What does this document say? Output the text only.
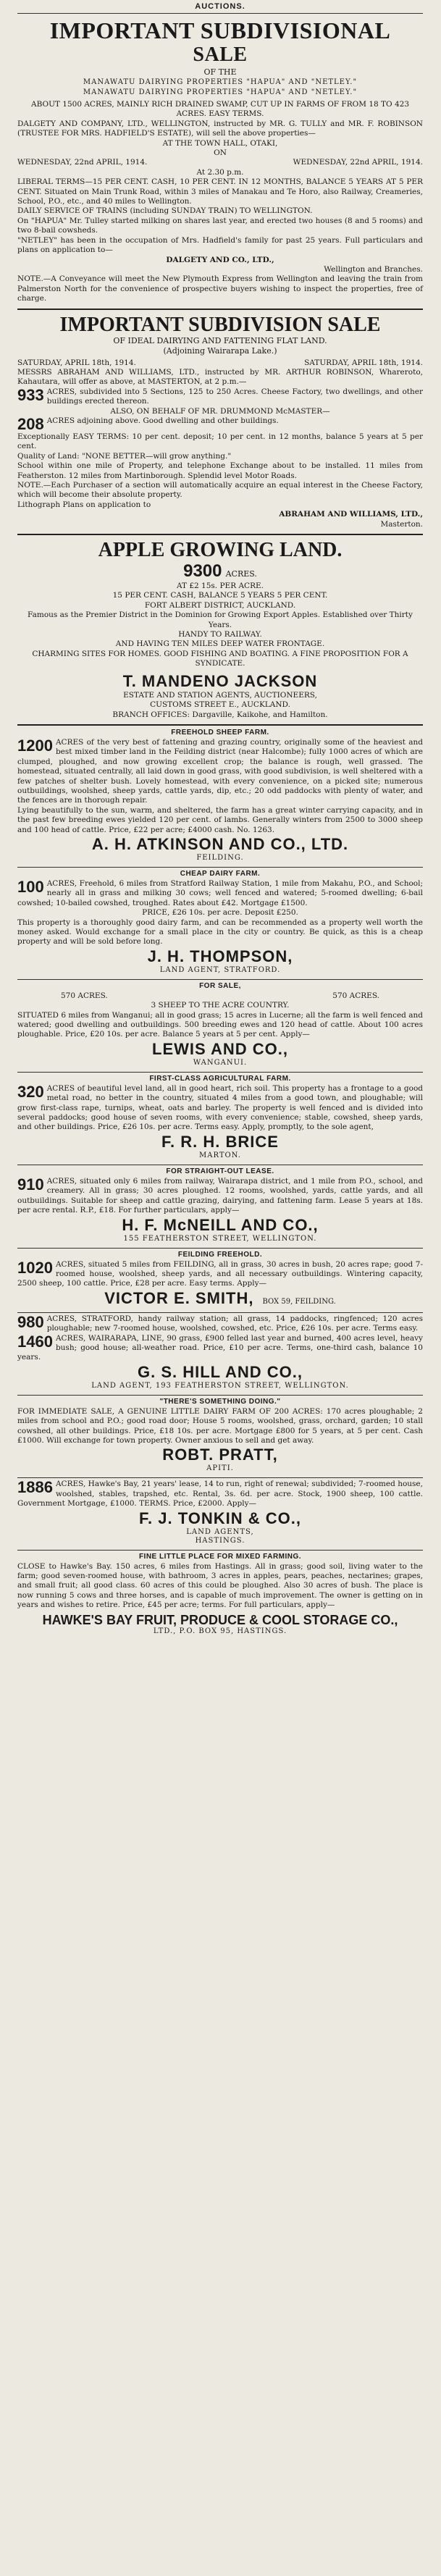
AUCTIONS.
IMPORTANT SUBDIVISIONAL
SALE
OF THE
MANAWATU DAIRYING PROPERTIES "HAPUA" AND "NETLEY."
MANAWATU DAIRYING PROPERTIES "HAPUA" AND "NETLEY."

ABOUT 1500 ACRES, MAINLY RICH DRAINED SWAMP, CUT UP IN FARMS OF FROM 18 TO 423 ACRES. EASY TERMS.

DALGETY AND COMPANY, LTD., WELLINGTON, instructed by MR. G. TULLY and MR. F. ROBINSON (TRUSTEE FOR MRS. HADFIELD'S ESTATE), will sell the above properties—

AT THE TOWN HALL, OTAKI,

ON

WEDNESDAY, 22nd APRIL, 1914.	WEDNESDAY, 22nd APRIL, 1914.

At 2.30 p.m.

LIBERAL TERMS—15 PER CENT. CASH, 10 PER CENT. IN 12 MONTHS, BALANCE 5 YEARS AT 5 PER CENT. Situated on Main Trunk Road, within 3 miles of Manakau and Te Horo, also Railway, Creameries, School, P.O., etc., and 40 miles to Wellington.

DAILY SERVICE OF TRAINS (including SUNDAY TRAIN) TO WELLINGTON.

On "HAPUA" Mr. Tulley started milking on shares last year, and erected two houses (8 and 5 rooms) and two 8-bail cowsheds.

"NETLEY" has been in the occupation of Mrs. Hadfield's family for past 25 years. Full particulars and plans on application to—

DALGETY AND CO., LTD.,

Wellington and Branches.

NOTE.—A Conveyance will meet the New Plymouth Express from Wellington and leaving the train from Palmerston North for the convenience of prospective buyers wishing to inspect the properties, free of charge.

IMPORTANT SUBDIVISION SALE
OF IDEAL DAIRYING AND FATTENING FLAT LAND.
(Adjoining Wairarapa Lake.)
SATURDAY, APRIL 18th, 1914.	SATURDAY, APRIL 18th, 1914.

MESSRS ABRAHAM AND WILLIAMS, LTD., instructed by MR. ARTHUR ROBINSON, Whareroto, Kahautara, will offer as above, at MASTERTON, at 2 p.m.—

933 ACRES, subdivided into 5 Sections, 125 to 250 Acres. Cheese Factory, two dwellings, and other buildings erected thereon.

ALSO, ON BEHALF OF MR. DRUMMOND McMASTER—

208 ACRES adjoining above. Good dwelling and other buildings.

Exceptionally EASY TERMS: 10 per cent. deposit; 10 per cent. in 12 months, balance 5 years at 5 per cent.

Quality of Land: "NONE BETTER—will grow anything."

School within one mile of Property, and telephone Exchange about to be installed. 11 miles from Featherston. 12 miles from Martinborough. Splendid level Motor Roads.

NOTE.—Each Purchaser of a section will automatically acquire an equal interest in the Cheese Factory, which will become their absolute property.

Lithograph Plans on application to

ABRAHAM AND WILLIAMS, LTD.,

Masterton.

APPLE GROWING LAND.
9300 ACRES.

AT £2 15s. PER ACRE.

15 PER CENT. CASH, BALANCE 5 YEARS 5 PER CENT.

FORT ALBERT DISTRICT, AUCKLAND.

Famous as the Premier District in the Dominion for Growing Export Apples. Established over Thirty Years.

HANDY TO RAILWAY.

AND HAVING TEN MILES DEEP WATER FRONTAGE.

CHARMING SITES FOR HOMES. GOOD FISHING AND BOATING. A FINE PROPOSITION FOR A SYNDICATE.

T. MANDENO JACKSON

ESTATE AND STATION AGENTS, AUCTIONEERS,

CUSTOMS STREET E., AUCKLAND.

BRANCH OFFICES: Dargaville, Kaikohe, and Hamilton.

FREEHOLD SHEEP FARM.

1200 ACRES of the very best of fattening and grazing country, originally some of the heaviest and best mixed timber land in the Feilding district (near Halcombe); fully 1000 acres of which are clumped, ploughed, and now growing excellent crop; the balance is rough, well grassed. The homestead, situated centrally, all laid down in good grass, with good subdivision, is well sheltered with a few patches of shelter bush. Lovely homestead, with every convenience, on a picked site; numerous outbuildings, woolshed, sheep yards, cattle yards, dip, etc.; 20 odd paddocks with plenty of water, and the fences are in thorough repair.

Lying beautifully to the sun, warm, and sheltered, the farm has a great winter carrying capacity, and in the past few breeding ewes yielded 120 per cent. of lambs. Generally winters from 2500 to 3000 sheep and 100 head of cattle. Price, £22 per acre; £4000 cash. No. 1263.

A. H. ATKINSON AND CO., LTD.
FEILDING.
CHEAP DAIRY FARM.

100 ACRES, Freehold, 6 miles from Stratford Railway Station, 1 mile from Makahu, P.O., and School; nearly all in grass and milking 30 cows; well fenced and watered; 5-roomed dwelling; 6-bail cowshed; 10-bailed cowshed, troughed. Rates about £42. Mortgage £1500.

PRICE, £26 10s. per acre. Deposit £250.

This property is a thoroughly good dairy farm, and can be recommended as a property well worth the money asked. Would exchange for a small place in the city or country. Be quick, as this is a cheap property and will be sold before long.

J. H. THOMPSON,
LAND AGENT, STRATFORD.
FOR SALE,
570 ACRES.	570 ACRES.

3 SHEEP TO THE ACRE COUNTRY.

SITUATED 6 miles from Wanganui; all in good grass; 15 acres in Lucerne; all the farm is well fenced and watered; good dwelling and outbuildings. 500 breeding ewes and 120 head of cattle. About 100 acres ploughable. Price, £20 10s. per acre. Balance 5 years at 5 per cent. Apply—

LEWIS AND CO.,
WANGANUI.
FIRST-CLASS AGRICULTURAL FARM.

320 ACRES of beautiful level land, all in good heart, rich soil. This property has a frontage to a good metal road, no better in the country, situated 4 miles from a good town, and ploughable; will grow first-class rape, turnips, wheat, oats and barley. The property is well fenced and is divided into several paddocks; good house of seven rooms, with every convenience; stable, cowshed, sheep yards, and other buildings. Price, £26 10s. per acre. Terms easy. Apply, promptly, to the sole agent,

F. R. H. BRICE
MARTON.
FOR STRAIGHT-OUT LEASE.

910 ACRES, situated only 6 miles from railway, Wairarapa district, and 1 mile from P.O., school, and creamery. All in grass; 30 acres ploughed. 12 rooms, woolshed, yards, cattle yards, and all outbuildings. Suitable for sheep and cattle grazing, dairying, and fattening farm. Lease 5 years at 18s. per acre rental. R.P., £18. For further particulars, apply—

H. F. McNEILL AND CO.,
155 FEATHERSTON STREET, WELLINGTON.
FEILDING FREEHOLD.

1020 ACRES, situated 5 miles from FEILDING, all in grass, 30 acres in bush, 20 acres rape; good 7-roomed house, woolshed, sheep yards, and all necessary outbuildings. Wintering capacity, 2500 sheep, 100 cattle. Price, £28 per acre. Easy terms. Apply—

VICTOR E. SMITH, BOX 59, FEILDING.

980 ACRES, STRATFORD, handy railway station; all grass, 14 paddocks, ringfenced; 120 acres ploughable; new 7-roomed house, woolshed, cowshed, etc. Price, £26 10s. per acre. Terms easy.

1460 ACRES, WAIRARAPA, LINE, 90 grass, £900 felled last year and burned, 400 acres level, heavy bush; good house; all-weather road. Price, £10 per acre. Terms, one-third cash, balance 10 years.

G. S. HILL AND CO.,
LAND AGENT, 193 FEATHERSTON STREET, WELLINGTON.
"THERE'S SOMETHING DOING."

FOR IMMEDIATE SALE, A GENUINE LITTLE DAIRY FARM OF 200 ACRES: 170 acres ploughable; 2 miles from school and P.O.; good road door; House 5 rooms, woolshed, grass, orchard, garden; 10 stall cowshed, all other buildings. Price, £18 10s. per acre. Mortgage £800 for 5 years, at 5 per cent. Cash £1000. Will exchange for town property. Owner anxious to sell and get away.

ROBT. PRATT,
APITI.

1886 ACRES, Hawke's Bay, 21 years' lease, 14 to run, right of renewal; subdivided; 7-roomed house, woolshed, stables, trapshed, etc. Rental, 3s. 6d. per acre. Stock, 1900 sheep, 100 cattle. Government Mortgage, £1000. TERMS. Price, £2000. Apply—

F. J. TONKIN & CO.,
LAND AGENTS,
HASTINGS.
FINE LITTLE PLACE FOR MIXED FARMING.

CLOSE to Hawke's Bay. 150 acres, 6 miles from Hastings. All in grass; good soil, living water to the farm; good seven-roomed house, with bathroom, 3 acres in apples, pears, peaches, nectarines; grapes, and small fruit; all good class. 60 acres of this could be ploughed. Also 30 acres of bush. The place is now running 5 cows and three horses, and is capable of much improvement. The owner is getting on in years and wishes to retire. Price, £45 per acre; terms. For full particulars, apply—

HAWKE'S BAY FRUIT, PRODUCE & COOL STORAGE CO.,
LTD., P.O. BOX 95, HASTINGS.
